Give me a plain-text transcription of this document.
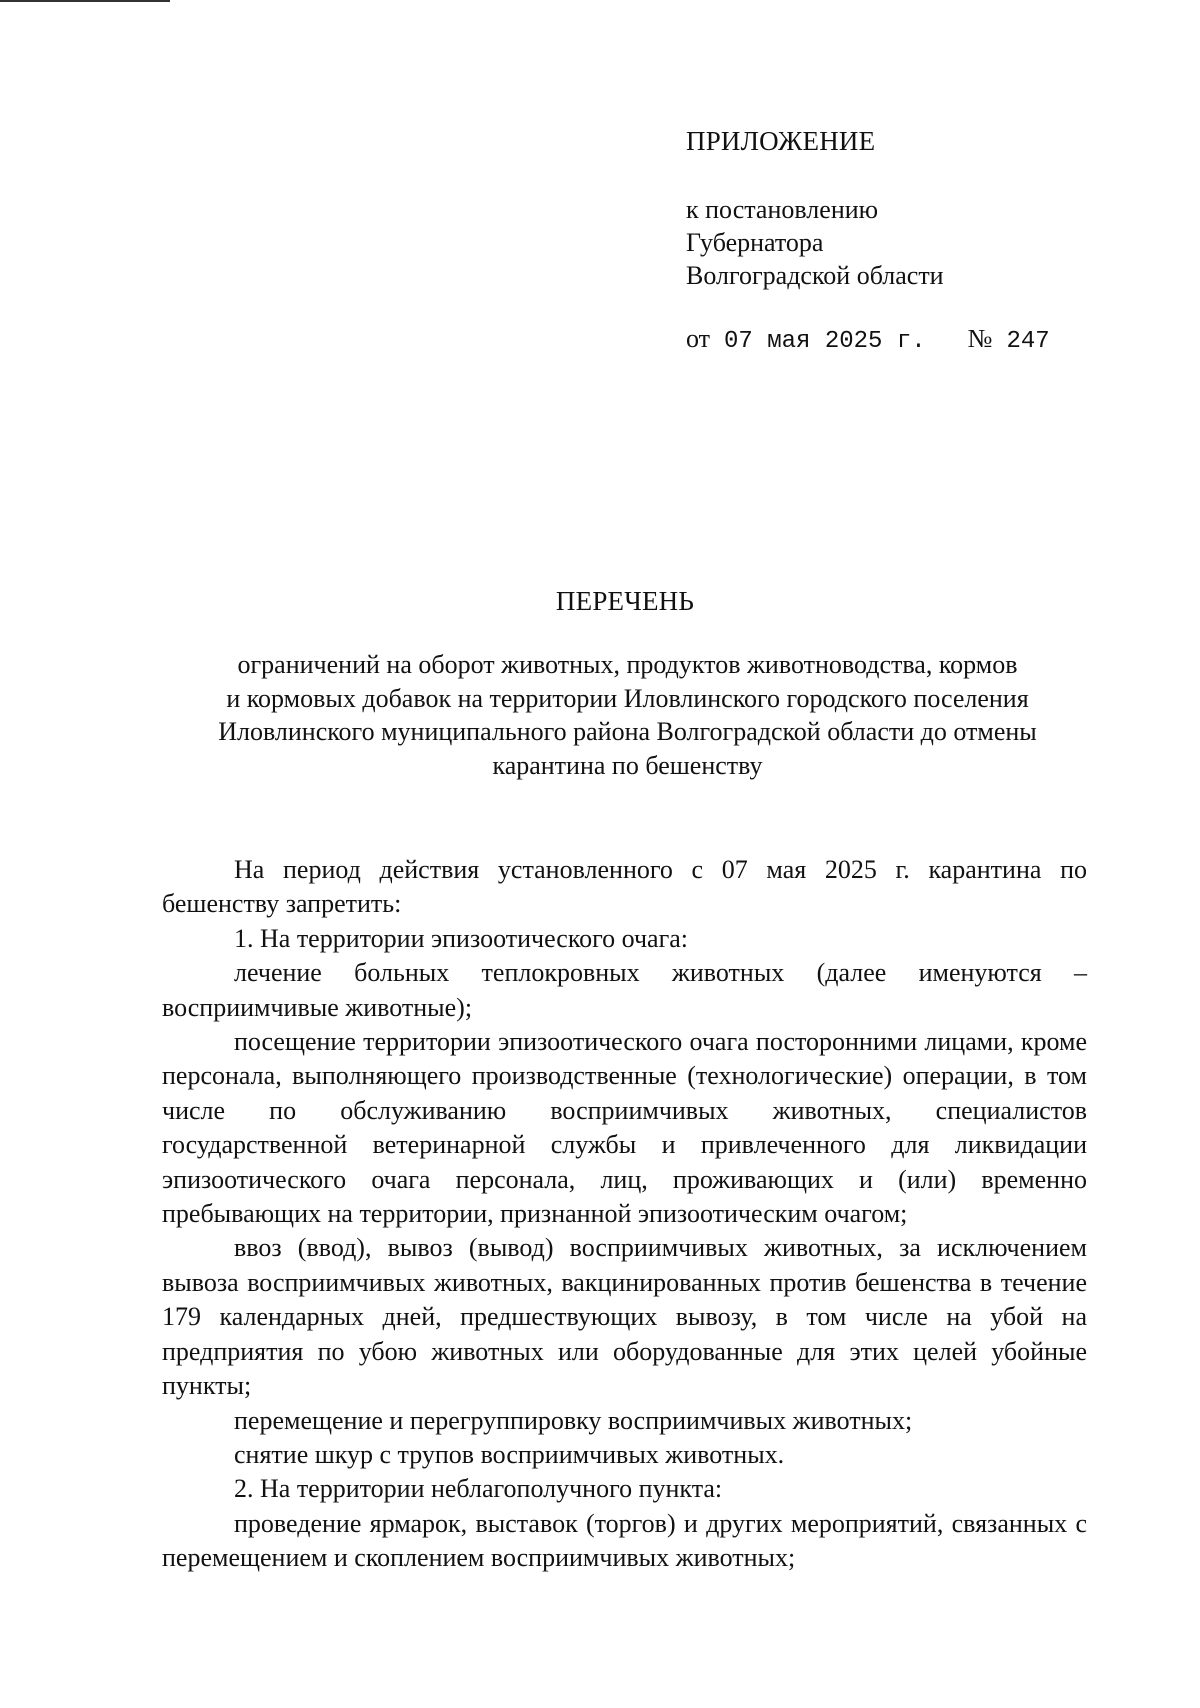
ПРИЛОЖЕНИЕ
к постановлению
Губернатора
Волгоградской области
от 07 мая 2025 г. № 247
ПЕРЕЧЕНЬ
ограничений на оборот животных, продуктов животноводства, кормов
и кормовых добавок на территории Иловлинского городского поселения
Иловлинского муниципального района Волгоградской области до отмены
карантина по бешенству

На период действия установленного с 07 мая 2025 г. карантина по бешенству запретить:

1. На территории эпизоотического очага:

лечение больных теплокровных животных (далее именуются – восприимчивые животные);

посещение территории эпизоотического очага посторонними лицами, кроме персонала, выполняющего производственные (технологические) операции, в том числе по обслуживанию восприимчивых животных, специалистов государственной ветеринарной службы и привлеченного для ликвидации эпизоотического очага персонала, лиц, проживающих и (или) временно пребывающих на территории, признанной эпизоотическим очагом;

ввоз (ввод), вывоз (вывод) восприимчивых животных, за исключением вывоза восприимчивых животных, вакцинированных против бешенства в течение 179 календарных дней, предшествующих вывозу, в том числе на убой на предприятия по убою животных или оборудованные для этих целей убойные пункты;

перемещение и перегруппировку восприимчивых животных;

снятие шкур с трупов восприимчивых животных.

2. На территории неблагополучного пункта:

проведение ярмарок, выставок (торгов) и других мероприятий, связанных с перемещением и скоплением восприимчивых животных;
